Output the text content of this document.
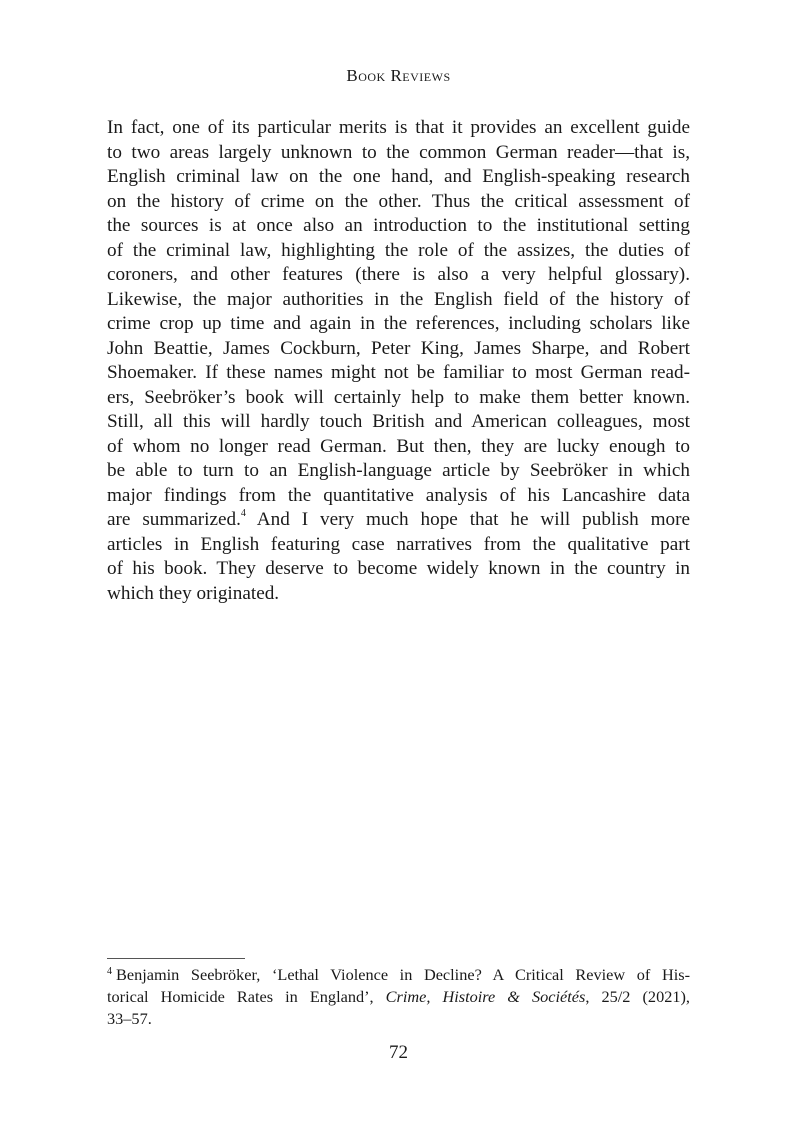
Book Reviews
In fact, one of its particular merits is that it provides an excellent guide
to two areas largely unknown to the common German reader—that is,
English criminal law on the one hand, and English-speaking research
on the history of crime on the other. Thus the critical assessment of
the sources is at once also an introduction to the institutional setting
of the criminal law, highlighting the role of the assizes, the duties of
coroners, and other features (there is also a very helpful glossary).
Likewise, the major authorities in the English field of the history of
crime crop up time and again in the references, including scholars like
John Beattie, James Cockburn, Peter King, James Sharpe, and Robert
Shoemaker. If these names might not be familiar to most German read-
ers, Seebröker’s book will certainly help to make them better known.
Still, all this will hardly touch British and American colleagues, most
of whom no longer read German. But then, they are lucky enough to
be able to turn to an English-language article by Seebröker in which
major findings from the quantitative analysis of his Lancashire data
are summarized.$^4$ And I very much hope that he will publish more
articles in English featuring case narratives from the qualitative part
of his book. They deserve to become widely known in the country in
which they originated.
$^4$ Benjamin Seebröker, ‘Lethal Violence in Decline? A Critical Review of His-
torical Homicide Rates in England’, Crime, Histoire & Sociétés, 25/2 (2021),
33–57.
72
